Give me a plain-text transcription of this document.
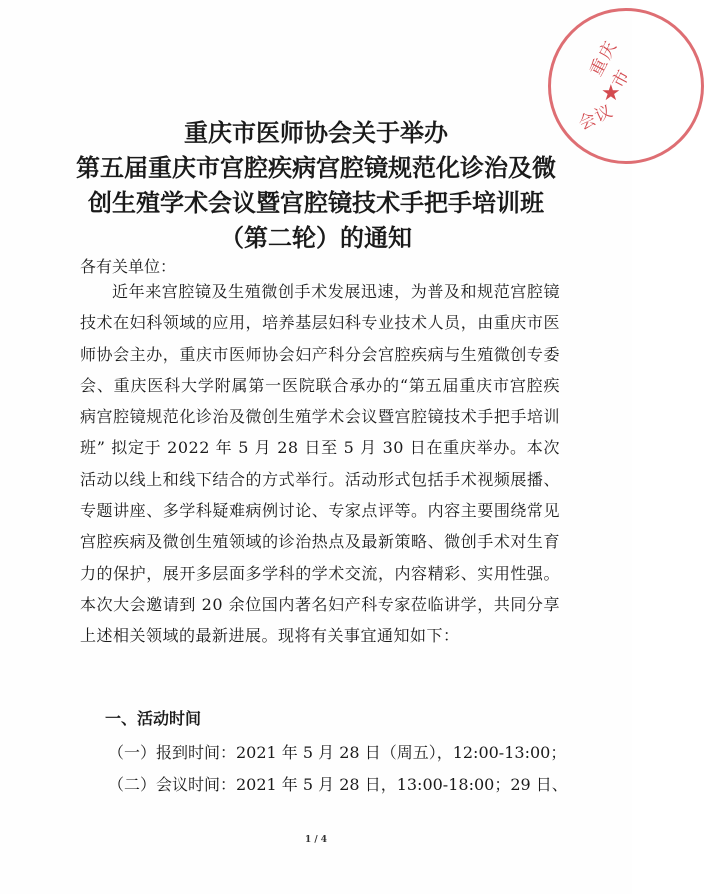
重庆市
★
会议
重庆市医师协会关于举办
第五届重庆市宫腔疾病宫腔镜规范化诊治及微
创生殖学术会议暨宫腔镜技术手把手培训班
（第二轮）的通知
各有关单位：

近年来宫腔镜及生殖微创手术发展迅速，为普及和规范宫腔镜技术在妇科领域的应用，培养基层妇科专业技术人员，由重庆市医师协会主办，重庆市医师协会妇产科分会宫腔疾病与生殖微创专委会、重庆医科大学附属第一医院联合承办的“第五届重庆市宫腔疾病宫腔镜规范化诊治及微创生殖学术会议暨宫腔镜技术手把手培训班” 拟定于 2022 年 5 月 28 日至 5 月 30 日在重庆举办。本次活动以线上和线下结合的方式举行。活动形式包括手术视频展播、专题讲座、多学科疑难病例讨论、专家点评等。内容主要围绕常见宫腔疾病及微创生殖领域的诊治热点及最新策略、微创手术对生育力的保护，展开多层面多学科的学术交流，内容精彩、实用性强。本次大会邀请到 20 余位国内著名妇产科专家莅临讲学，共同分享上述相关领域的最新进展。现将有关事宜通知如下：

一、活动时间
（一）报到时间：2021 年 5 月 28 日（周五），12:00-13:00；
（二）会议时间：2021 年 5 月 28 日，13:00-18:00；29 日、
1 / 4
